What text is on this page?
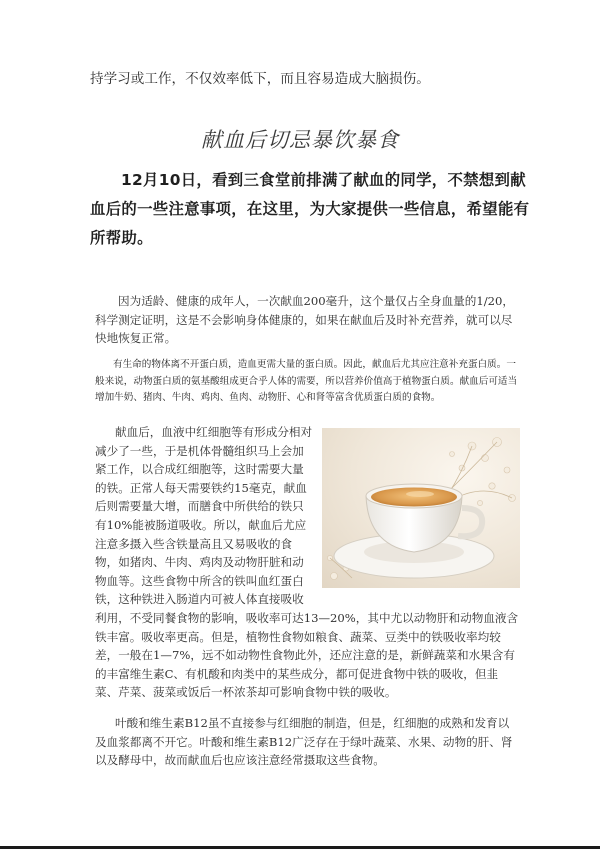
持学习或工作，不仅效率低下，而且容易造成大脑损伤。

献血后切忌暴饮暴食

12月10日，看到三食堂前排满了献血的同学，不禁想到献血后的一些注意事项，在这里，为大家提供一些信息，希望能有所帮助。

因为适龄、健康的成年人，一次献血200毫升，这个量仅占全身血量的1/20，科学测定证明，这是不会影响身体健康的，如果在献血后及时补充营养，就可以尽快地恢复正常。

有生命的物体离不开蛋白质，造血更需大量的蛋白质。因此，献血后尤其应注意补充蛋白质。一般来说，动物蛋白质的氨基酸组成更合乎人体的需要，所以营养价值高于植物蛋白质。献血后可适当增加牛奶、猪肉、牛肉、鸡肉、鱼肉、动物肝、心和肾等富含优质蛋白质的食物。

献血后，血液中红细胞等有形成分相对减少了一些，于是机体骨髓组织马上会加紧工作，以合成红细胞等，这时需要大量的铁。正常人每天需要铁约15毫克，献血后则需要量大增，而膳食中所供给的铁只有10%能被肠道吸收。所以，献血后尤应注意多摄入些含铁量高且又易吸收的食物，如猪肉、牛肉、鸡肉及动物肝脏和动物血等。这些食物中所含的铁叫血红蛋白铁，这种铁进入肠道内可被人体直接吸收利用，不受同餐食物的影响，吸收率可达13—20%，其中尤以动物肝和动物血液含铁丰富。吸收率更高。但是，植物性食物如粮食、蔬菜、豆类中的铁吸收率均较差，一般在1—7%，远不如动物性食物此外，还应注意的是，新鲜蔬菜和水果含有的丰富维生素C、有机酸和肉类中的某些成分，都可促进食物中铁的吸收，但韭菜、芹菜、菠菜或饭后一杯浓茶却可影响食物中铁的吸收。

叶酸和维生素B12虽不直接参与红细胞的制造，但是，红细胞的成熟和发育以及血浆都离不开它。叶酸和维生素B12广泛存在于绿叶蔬菜、水果、动物的肝、肾以及酵母中，故而献血后也应该注意经常摄取这些食物。
